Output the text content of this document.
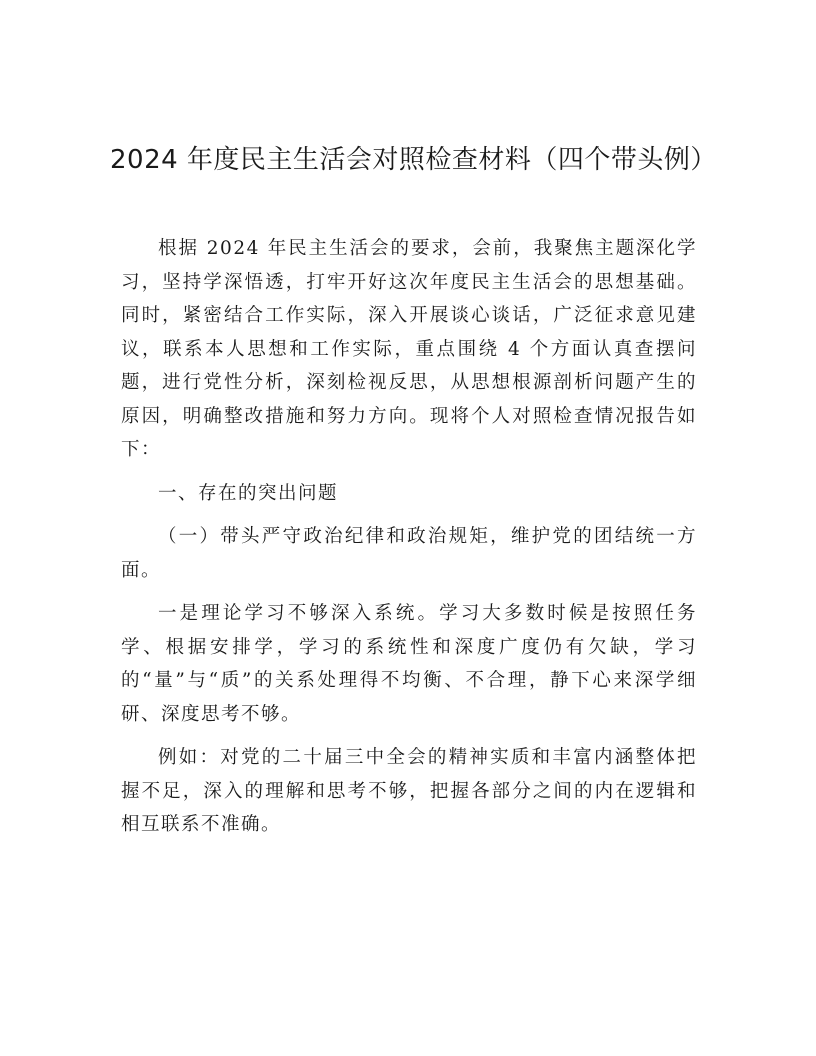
2024 年度民主生活会对照检查材料（四个带头例）

根据 2024 年民主生活会的要求，会前，我聚焦主题深化学习，坚持学深悟透，打牢开好这次年度民主生活会的思想基础。同时，紧密结合工作实际，深入开展谈心谈话，广泛征求意见建议，联系本人思想和工作实际，重点围绕 4 个方面认真查摆问题，进行党性分析，深刻检视反思，从思想根源剖析问题产生的原因，明确整改措施和努力方向。现将个人对照检查情况报告如下：

一、存在的突出问题

（一）带头严守政治纪律和政治规矩，维护党的团结统一方面。

一是理论学习不够深入系统。学习大多数时候是按照任务学、根据安排学，学习的系统性和深度广度仍有欠缺，学习的“量”与“质”的关系处理得不均衡、不合理，静下心来深学细研、深度思考不够。

例如：对党的二十届三中全会的精神实质和丰富内涵整体把握不足，深入的理解和思考不够，把握各部分之间的内在逻辑和相互联系不准确。
